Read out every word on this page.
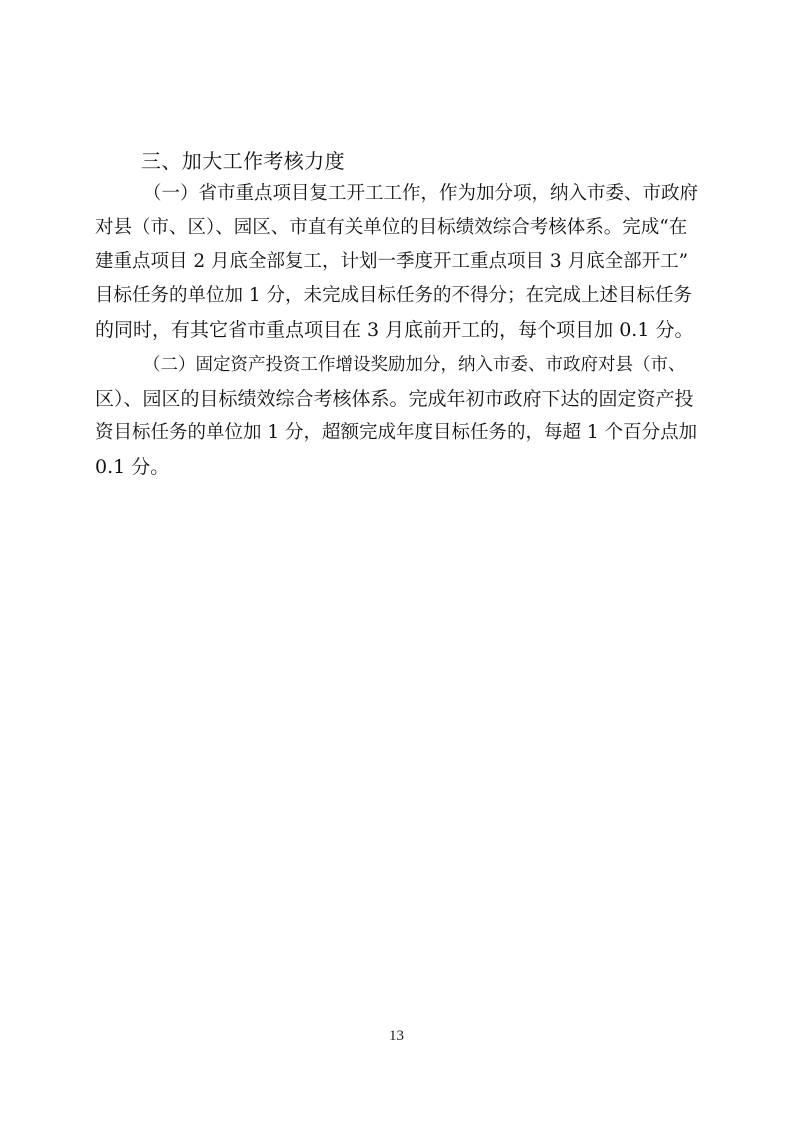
三、加大工作考核力度
（一）省市重点项目复工开工工作，作为加分项，纳入市委、市政府
对县（市、区）、园区、市直有关单位的目标绩效综合考核体系。完成“在
建重点项目 2 月底全部复工，计划一季度开工重点项目 3 月底全部开工”
目标任务的单位加 1 分，未完成目标任务的不得分；在完成上述目标任务
的同时，有其它省市重点项目在 3 月底前开工的，每个项目加 0.1 分。
（二）固定资产投资工作增设奖励加分，纳入市委、市政府对县（市、
区）、园区的目标绩效综合考核体系。完成年初市政府下达的固定资产投
资目标任务的单位加 1 分，超额完成年度目标任务的，每超 1 个百分点加
0.1 分。
13
